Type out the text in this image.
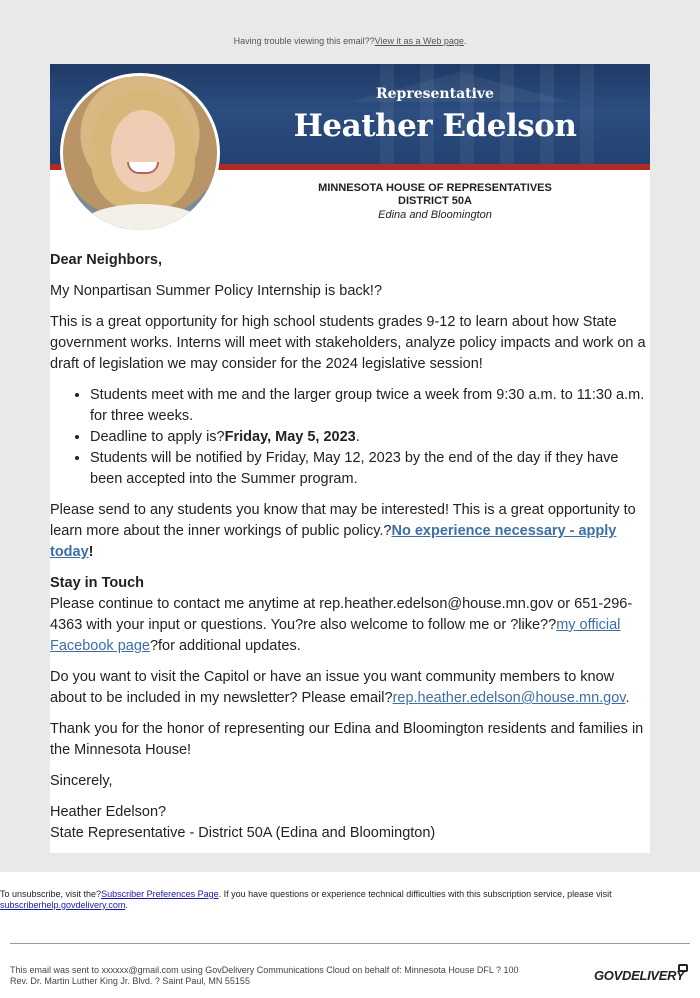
Having trouble viewing this email??View it as a Web page.
Representative
Heather Edelson
MINNESOTA HOUSE OF REPRESENTATIVES
DISTRICT 50A
Edina and Bloomington

Dear Neighbors,

My Nonpartisan Summer Policy Internship is back!?

This is a great opportunity for high school students grades 9-12 to learn about how State government works. Interns will meet with stakeholders, analyze policy impacts and work on a draft of legislation we may consider for the 2024 legislative session!

• Students meet with me and the larger group twice a week from 9:30 a.m. to 11:30 a.m. for three weeks.
• Deadline to apply is?Friday, May 5, 2023.
• Students will be notified by Friday, May 12, 2023 by the end of the day if they have been accepted into the Summer program.

Please send to any students you know that may be interested! This is a great opportunity to learn more about the inner workings of public policy.?No experience necessary - apply today!

Stay in Touch

Please continue to contact me anytime at rep.heather.edelson@house.mn.gov or 651-296-4363 with your input or questions. You?re also welcome to follow me or ?like??my official Facebook page?for additional updates.

Do you want to visit the Capitol or have an issue you want community members to know about to be included in my newsletter? Please email?rep.heather.edelson@house.mn.gov.

Thank you for the honor of representing our Edina and Bloomington residents and families in the Minnesota House!

Sincerely,

Heather Edelson?
State Representative - District 50A (Edina and Bloomington)

To unsubscribe, visit the?Subscriber Preferences Page. If you have questions or experience technical difficulties with this subscription service, please visit subscriberhelp.govdelivery.com.
This email was sent to xxxxxx@gmail.com using GovDelivery Communications Cloud on behalf of: Minnesota House DFL ? 100
Rev. Dr. Martin Luther King Jr. Blvd. ? Saint Paul, MN 55155	GOVDELIVERY
